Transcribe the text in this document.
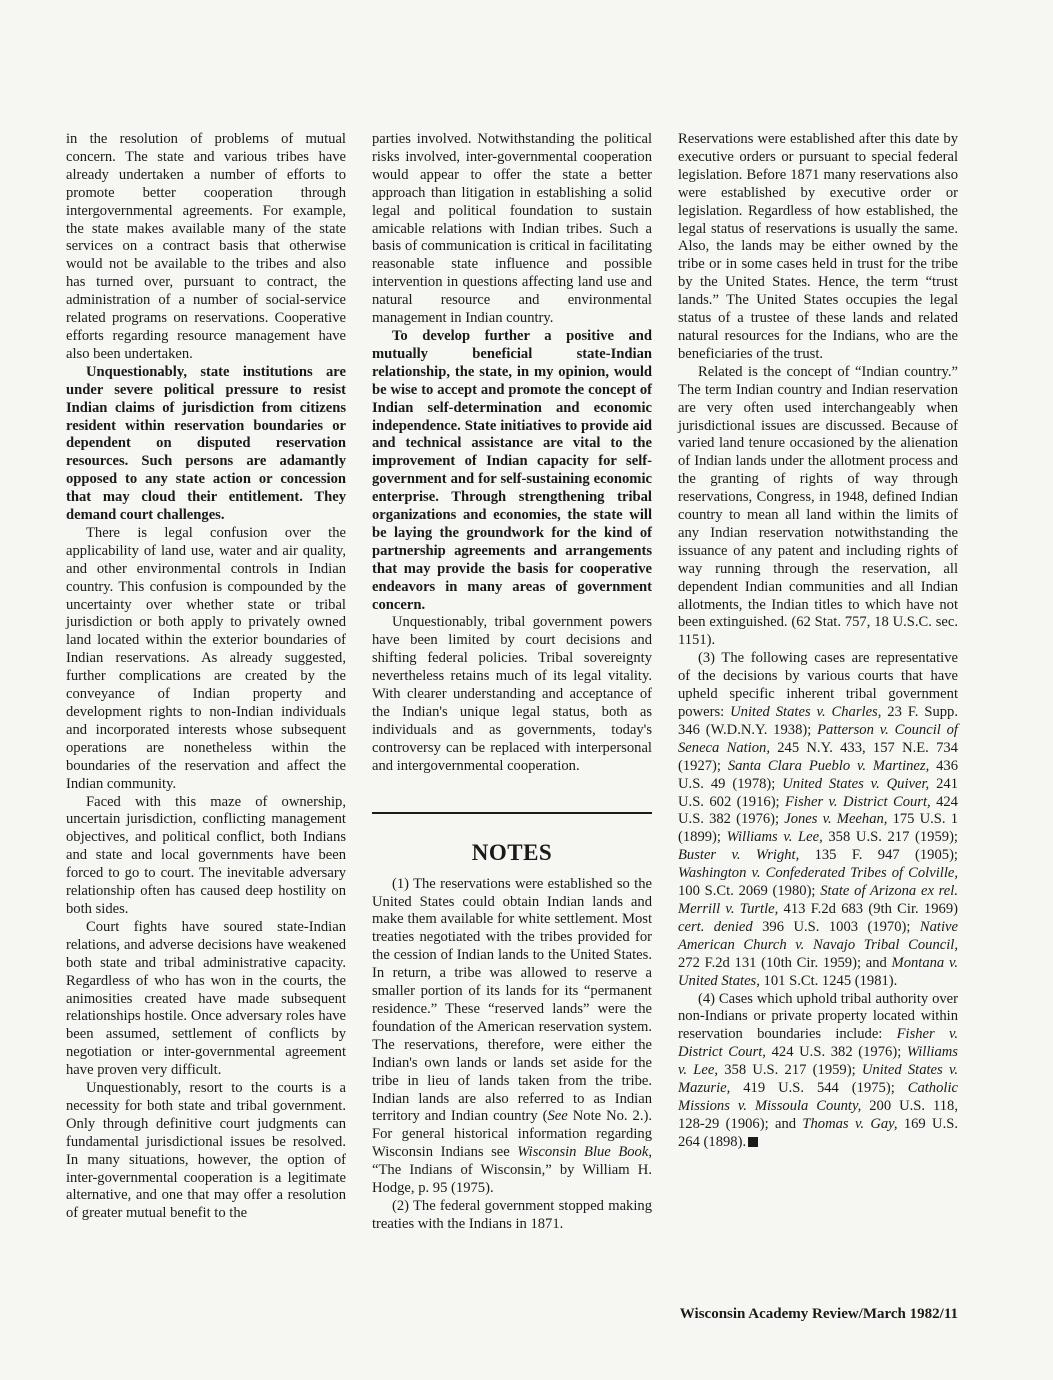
in the resolution of problems of mutual concern. The state and various tribes have already undertaken a number of efforts to promote better cooperation through intergovernmental agreements. For example, the state makes available many of the state services on a contract basis that otherwise would not be available to the tribes and also has turned over, pursuant to contract, the administration of a number of social-service related programs on reservations. Cooperative efforts regarding resource management have also been undertaken.

Unquestionably, state institutions are under severe political pressure to resist Indian claims of jurisdiction from citizens resident within reservation boundaries or dependent on disputed reservation resources. Such persons are adamantly opposed to any state action or concession that may cloud their entitlement. They demand court challenges.

There is legal confusion over the applicability of land use, water and air quality, and other environmental controls in Indian country. This confusion is compounded by the uncertainty over whether state or tribal jurisdiction or both apply to privately owned land located within the exterior boundaries of Indian reservations. As already suggested, further complications are created by the conveyance of Indian property and development rights to non-Indian individuals and incorporated interests whose subsequent operations are nonetheless within the boundaries of the reservation and affect the Indian community.

Faced with this maze of ownership, uncertain jurisdiction, conflicting management objectives, and political conflict, both Indians and state and local governments have been forced to go to court. The inevitable adversary relationship often has caused deep hostility on both sides.

Court fights have soured state-Indian relations, and adverse decisions have weakened both state and tribal administrative capacity. Regardless of who has won in the courts, the animosities created have made subsequent relationships hostile. Once adversary roles have been assumed, settlement of conflicts by negotiation or inter-governmental agreement have proven very difficult.

Unquestionably, resort to the courts is a necessity for both state and tribal government. Only through definitive court judgments can fundamental jurisdictional issues be resolved. In many situations, however, the option of inter-governmental cooperation is a legitimate alternative, and one that may offer a resolution of greater mutual benefit to the

parties involved. Notwithstanding the political risks involved, inter-governmental cooperation would appear to offer the state a better approach than litigation in establishing a solid legal and political foundation to sustain amicable relations with Indian tribes. Such a basis of communication is critical in facilitating reasonable state influence and possible intervention in questions affecting land use and natural resource and environmental management in Indian country.

To develop further a positive and mutually beneficial state-Indian relationship, the state, in my opinion, would be wise to accept and promote the concept of Indian self-determination and economic independence. State initiatives to provide aid and technical assistance are vital to the improvement of Indian capacity for self-government and for self-sustaining economic enterprise. Through strengthening tribal organizations and economies, the state will be laying the groundwork for the kind of partnership agreements and arrangements that may provide the basis for cooperative endeavors in many areas of government concern.

Unquestionably, tribal government powers have been limited by court decisions and shifting federal policies. Tribal sovereignty nevertheless retains much of its legal vitality. With clearer understanding and acceptance of the Indian's unique legal status, both as individuals and as governments, today's controversy can be replaced with interpersonal and intergovernmental cooperation.

NOTES

(1) The reservations were established so the United States could obtain Indian lands and make them available for white settlement. Most treaties negotiated with the tribes provided for the cession of Indian lands to the United States. In return, a tribe was allowed to reserve a smaller portion of its lands for its “permanent residence.” These “reserved lands” were the foundation of the American reservation system. The reservations, therefore, were either the Indian's own lands or lands set aside for the tribe in lieu of lands taken from the tribe. Indian lands are also referred to as Indian territory and Indian country (See Note No. 2.). For general historical information regarding Wisconsin Indians see Wisconsin Blue Book, “The Indians of Wisconsin,” by William H. Hodge, p. 95 (1975).

(2) The federal government stopped making treaties with the Indians in 1871.

Reservations were established after this date by executive orders or pursuant to special federal legislation. Before 1871 many reservations also were established by executive order or legislation. Regardless of how established, the legal status of reservations is usually the same. Also, the lands may be either owned by the tribe or in some cases held in trust for the tribe by the United States. Hence, the term “trust lands.” The United States occupies the legal status of a trustee of these lands and related natural resources for the Indians, who are the beneficiaries of the trust.

Related is the concept of “Indian country.” The term Indian country and Indian reservation are very often used interchangeably when jurisdictional issues are discussed. Because of varied land tenure occasioned by the alienation of Indian lands under the allotment process and the granting of rights of way through reservations, Congress, in 1948, defined Indian country to mean all land within the limits of any Indian reservation notwithstanding the issuance of any patent and including rights of way running through the reservation, all dependent Indian communities and all Indian allotments, the Indian titles to which have not been extinguished. (62 Stat. 757, 18 U.S.C. sec. 1151).

(3) The following cases are representative of the decisions by various courts that have upheld specific inherent tribal government powers: United States v. Charles, 23 F. Supp. 346 (W.D.N.Y. 1938); Patterson v. Council of Seneca Nation, 245 N.Y. 433, 157 N.E. 734 (1927); Santa Clara Pueblo v. Martinez, 436 U.S. 49 (1978); United States v. Quiver, 241 U.S. 602 (1916); Fisher v. District Court, 424 U.S. 382 (1976); Jones v. Meehan, 175 U.S. 1 (1899); Williams v. Lee, 358 U.S. 217 (1959); Buster v. Wright, 135 F. 947 (1905); Washington v. Confederated Tribes of Colville, 100 S.Ct. 2069 (1980); State of Arizona ex rel. Merrill v. Turtle, 413 F.2d 683 (9th Cir. 1969) cert. denied 396 U.S. 1003 (1970); Native American Church v. Navajo Tribal Council, 272 F.2d 131 (10th Cir. 1959); and Montana v. United States, 101 S.Ct. 1245 (1981).

(4) Cases which uphold tribal authority over non-Indians or private property located within reservation boundaries include: Fisher v. District Court, 424 U.S. 382 (1976); Williams v. Lee, 358 U.S. 217 (1959); United States v. Mazurie, 419 U.S. 544 (1975); Catholic Missions v. Missoula County, 200 U.S. 118, 128-29 (1906); and Thomas v. Gay, 169 U.S. 264 (1898).

Wisconsin Academy Review/March 1982/11
